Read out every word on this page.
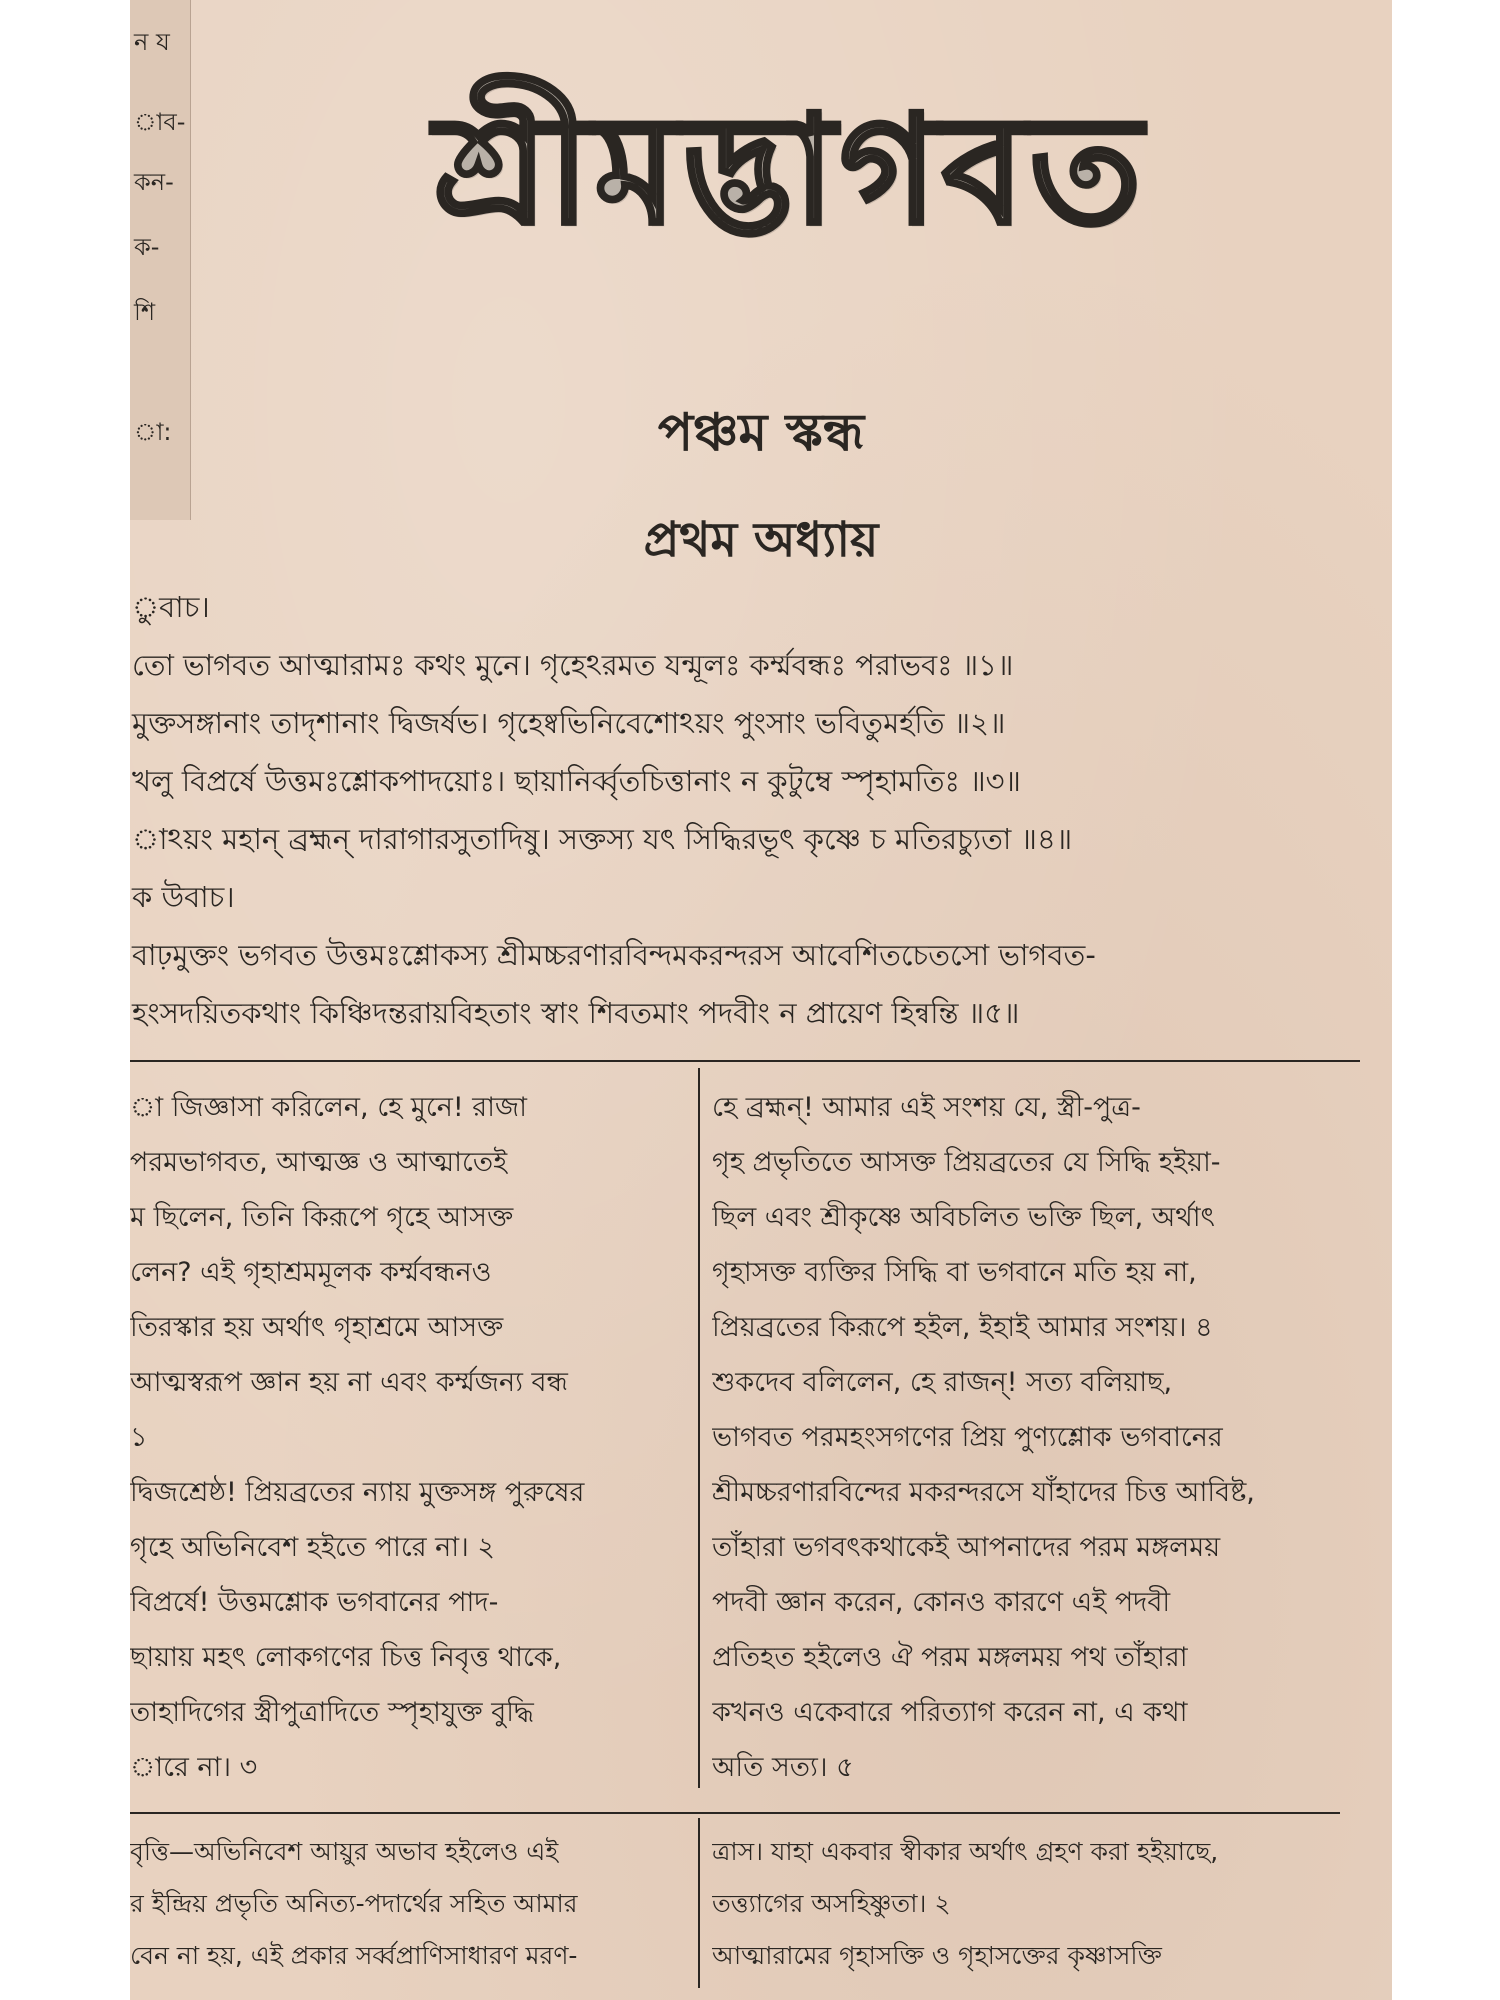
ন য
াব-
কন-
ক-
শি
া:
শ্রীমদ্ভাগবত
পঞ্চম স্কন্ধ
প্রথম অধ্যায়
ুবাচ।
তো ভাগবত আত্মারামঃ কথং মুনে। গৃহেঽরমত যন্মূলঃ কর্ম্মবন্ধঃ পরাভবঃ ॥১॥
মুক্তসঙ্গানাং তাদৃশানাং দ্বিজর্ষভ। গৃহেষ্বভিনিবেশোঽয়ং পুংসাং ভবিতুমর্হতি ॥২॥
খলু বিপ্রর্ষে উত্তমঃশ্লোকপাদয়োঃ। ছায়ানির্ব্বৃতচিত্তানাং ন কুটুম্বে স্পৃহামতিঃ ॥৩॥
াঽয়ং মহান্ ব্রহ্মন্ দারাগারসুতাদিষু। সক্তস্য যৎ সিদ্ধিরভূৎ কৃষ্ণে চ মতিরচ্যুতা ॥৪॥
ক উবাচ।
বাঢ়মুক্তং ভগবত উত্তমঃশ্লোকস্য শ্রীমচ্চরণারবিন্দমকরন্দরস আবেশিতচেতসো ভাগবত-
হংসদয়িতকথাং কিঞ্চিদন্তরায়বিহতাং স্বাং শিবতমাং পদবীং ন প্রায়েণ হিন্বন্তি ॥৫॥
া জিজ্ঞাসা করিলেন, হে মুনে! রাজা
পরমভাগবত, আত্মজ্ঞ ও আত্মাতেই
ম ছিলেন, তিনি কিরূপে গৃহে আসক্ত
লেন? এই গৃহাশ্রমমূলক কর্ম্মবন্ধনও
তিরস্কার হয় অর্থাৎ গৃহাশ্রমে আসক্ত
আত্মস্বরূপ জ্ঞান হয় না এবং কর্ম্মজন্য বন্ধ
১
দ্বিজশ্রেষ্ঠ! প্রিয়ব্রতের ন্যায় মুক্তসঙ্গ পুরুষের
গৃহে অভিনিবেশ হইতে পারে না। ২
বিপ্রর্ষে! উত্তমশ্লোক ভগবানের পাদ-
ছায়ায় মহৎ লোকগণের চিত্ত নিবৃত্ত থাকে,
তাহাদিগের স্ত্রীপুত্রাদিতে স্পৃহাযুক্ত বুদ্ধি
ারে না। ৩
হে ব্রহ্মন্! আমার এই সংশয় যে, স্ত্রী-পুত্র-
গৃহ প্রভৃতিতে আসক্ত প্রিয়ব্রতের যে সিদ্ধি হইয়া-
ছিল এবং শ্রীকৃষ্ণে অবিচলিত ভক্তি ছিল, অর্থাৎ
গৃহাসক্ত ব্যক্তির সিদ্ধি বা ভগবানে মতি হয় না,
প্রিয়ব্রতের কিরূপে হইল, ইহাই আমার সংশয়। ৪
শুকদেব বলিলেন, হে রাজন্! সত্য বলিয়াছ,
ভাগবত পরমহংসগণের প্রিয় পুণ্যশ্লোক ভগবানের
শ্রীমচ্চরণারবিন্দের মকরন্দরসে যাঁহাদের চিত্ত আবিষ্ট,
তাঁহারা ভগবৎকথাকেই আপনাদের পরম মঙ্গলময়
পদবী জ্ঞান করেন, কোনও কারণে এই পদবী
প্রতিহত হইলেও ঐ পরম মঙ্গলময় পথ তাঁহারা
কখনও একেবারে পরিত্যাগ করেন না, এ কথা
অতি সত্য। ৫
বৃত্তি—অভিনিবেশ আয়ুর অভাব হইলেও এই
র ইন্দ্রিয় প্রভৃতি অনিত্য-পদার্থের সহিত আমার
বেন না হয়, এই প্রকার সর্ব্বপ্রাণিসাধারণ মরণ-
ত্রাস। যাহা একবার স্বীকার অর্থাৎ গ্রহণ করা হইয়াছে,
তত্ত্যাগের অসহিষ্ণুতা। ২
আত্মারামের গৃহাসক্তি ও গৃহাসক্তের কৃষ্ণাসক্তি
